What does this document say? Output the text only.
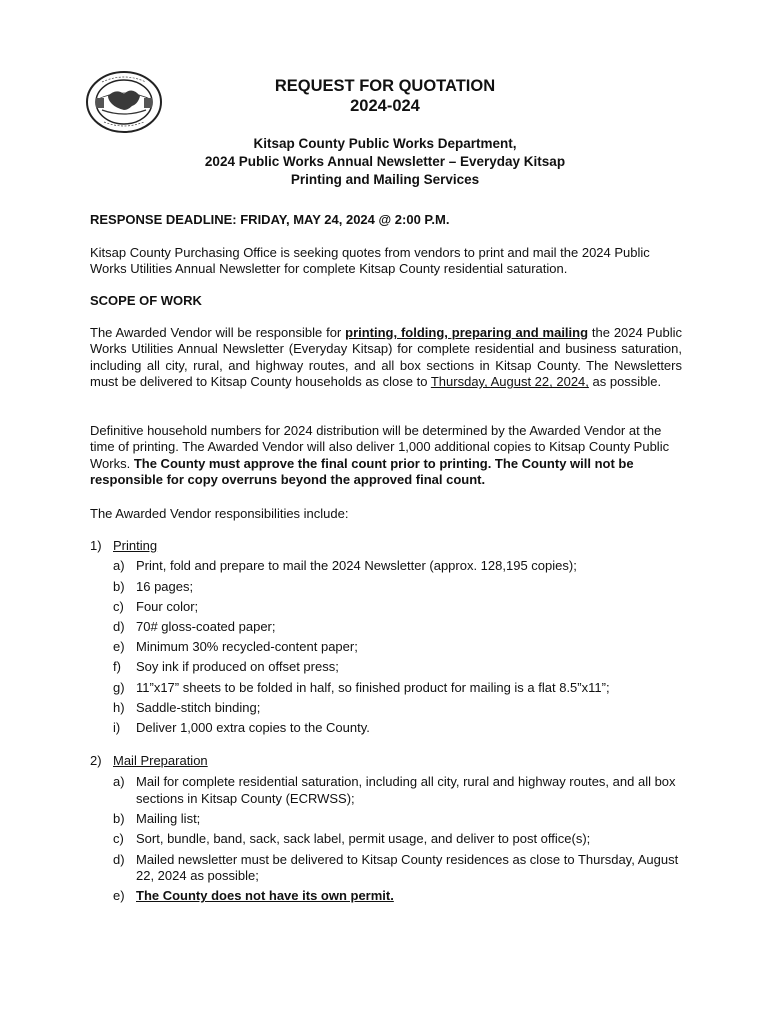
REQUEST FOR QUOTATION
2024-024
Kitsap County Public Works Department,
2024 Public Works Annual Newsletter – Everyday Kitsap
Printing and Mailing Services
RESPONSE DEADLINE: FRIDAY, MAY 24, 2024 @ 2:00 P.M.
Kitsap County Purchasing Office is seeking quotes from vendors to print and mail the 2024 Public Works Utilities Annual Newsletter for complete Kitsap County residential saturation.
SCOPE OF WORK
The Awarded Vendor will be responsible for printing, folding, preparing and mailing the 2024 Public Works Utilities Annual Newsletter (Everyday Kitsap) for complete residential and business saturation, including all city, rural, and highway routes, and all box sections in Kitsap County. The Newsletters must be delivered to Kitsap County households as close to Thursday, August 22, 2024, as possible.
Definitive household numbers for 2024 distribution will be determined by the Awarded Vendor at the time of printing. The Awarded Vendor will also deliver 1,000 additional copies to Kitsap County Public Works. The County must approve the final count prior to printing. The County will not be responsible for copy overruns beyond the approved final count.
The Awarded Vendor responsibilities include:
1) Printing
a) Print, fold and prepare to mail the 2024 Newsletter (approx. 128,195 copies);
b) 16 pages;
c) Four color;
d) 70# gloss-coated paper;
e) Minimum 30% recycled-content paper;
f)	Soy ink if produced on offset press;
g) 11”x17” sheets to be folded in half, so finished product for mailing is a flat 8.5”x11”;
h) Saddle-stitch binding;
i)	Deliver 1,000 extra copies to the County.
2) Mail Preparation
a) Mail for complete residential saturation, including all city, rural and highway routes, and all box sections in Kitsap County (ECRWSS);
b) Mailing list;
c) Sort, bundle, band, sack, sack label, permit usage, and deliver to post office(s);
d) Mailed newsletter must be delivered to Kitsap County residences as close to Thursday, August 22, 2024 as possible;
e) The County does not have its own permit.
